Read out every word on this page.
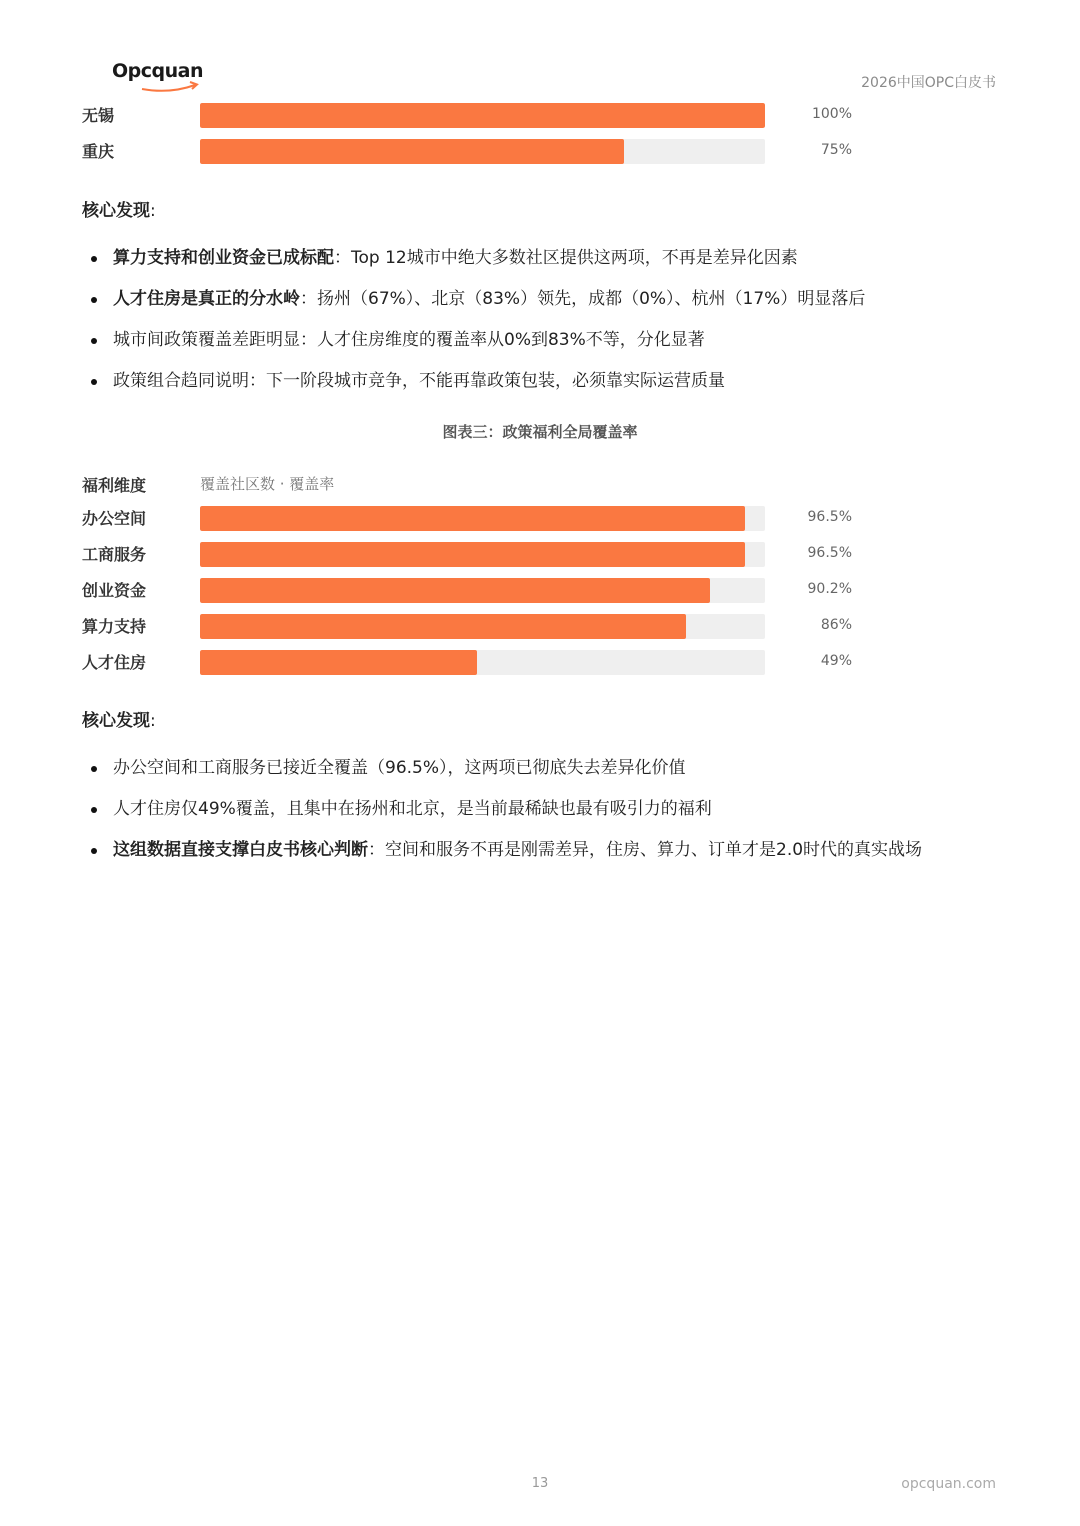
Opcquan
2026中国OPC白皮书
无锡	100%
重庆	75%
核心发现:
算力支持和创业资金已成标配：Top 12城市中绝大多数社区提供这两项，不再是差异化因素
人才住房是真正的分水岭：扬州（67%）、北京（83%）领先，成都（0%）、杭州（17%）明显落后
城市间政策覆盖差距明显：人才住房维度的覆盖率从0%到83%不等，分化显著
政策组合趋同说明：下一阶段城市竞争，不能再靠政策包装，必须靠实际运营质量
图表三：政策福利全局覆盖率
福利维度	覆盖社区数 · 覆盖率
办公空间	96.5%
工商服务	96.5%
创业资金	90.2%
算力支持	86%
人才住房	49%
核心发现:
办公空间和工商服务已接近全覆盖（96.5%），这两项已彻底失去差异化价值
人才住房仅49%覆盖，且集中在扬州和北京，是当前最稀缺也最有吸引力的福利
这组数据直接支撑白皮书核心判断：空间和服务不再是刚需差异，住房、算力、订单才是2.0时代的真实战场
13	opcquan.com
